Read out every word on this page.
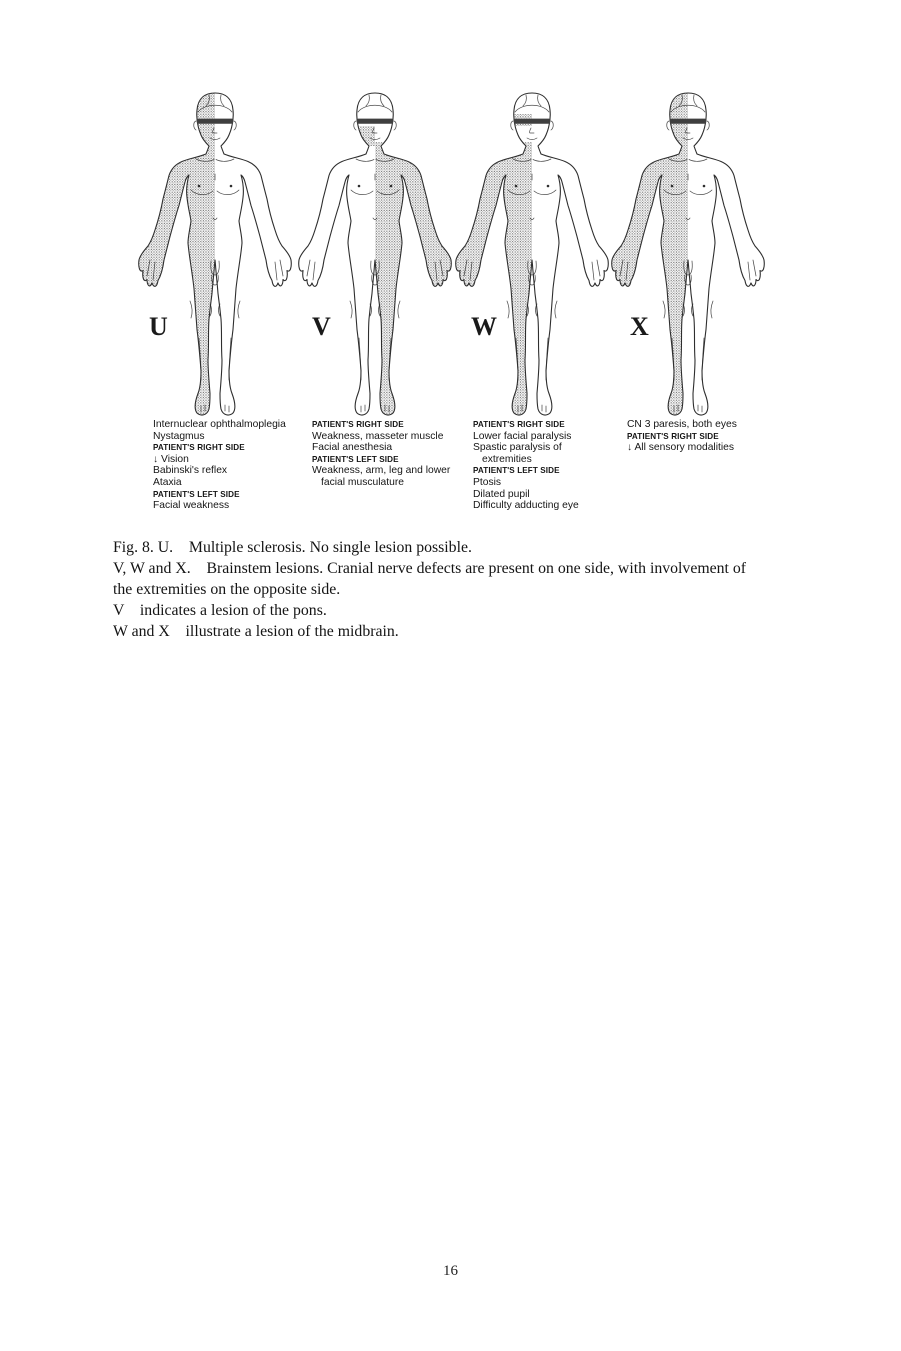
U
Internuclear ophthalmoplegia
Nystagmus
PATIENT'S RIGHT SIDE
↓ Vision
Babinski's reflex
Ataxia
PATIENT'S LEFT SIDE
Facial weakness
V
PATIENT'S RIGHT SIDE
Weakness, masseter muscle
Facial anesthesia
PATIENT'S LEFT SIDE
Weakness, arm, leg and lower
facial musculature
W
PATIENT'S RIGHT SIDE
Lower facial paralysis
Spastic paralysis of
extremities
PATIENT'S LEFT SIDE
Ptosis
Dilated pupil
Difficulty adducting eye
X
CN 3 paresis, both eyes
PATIENT'S RIGHT SIDE
↓ All sensory modalities
Fig. 8. U.    Multiple sclerosis. No single lesion possible.
V, W and X.    Brainstem lesions. Cranial nerve defects are present on one side, with involvement of
the extremities on the opposite side.
V    indicates a lesion of the pons.
W and X    illustrate a lesion of the midbrain.
16
